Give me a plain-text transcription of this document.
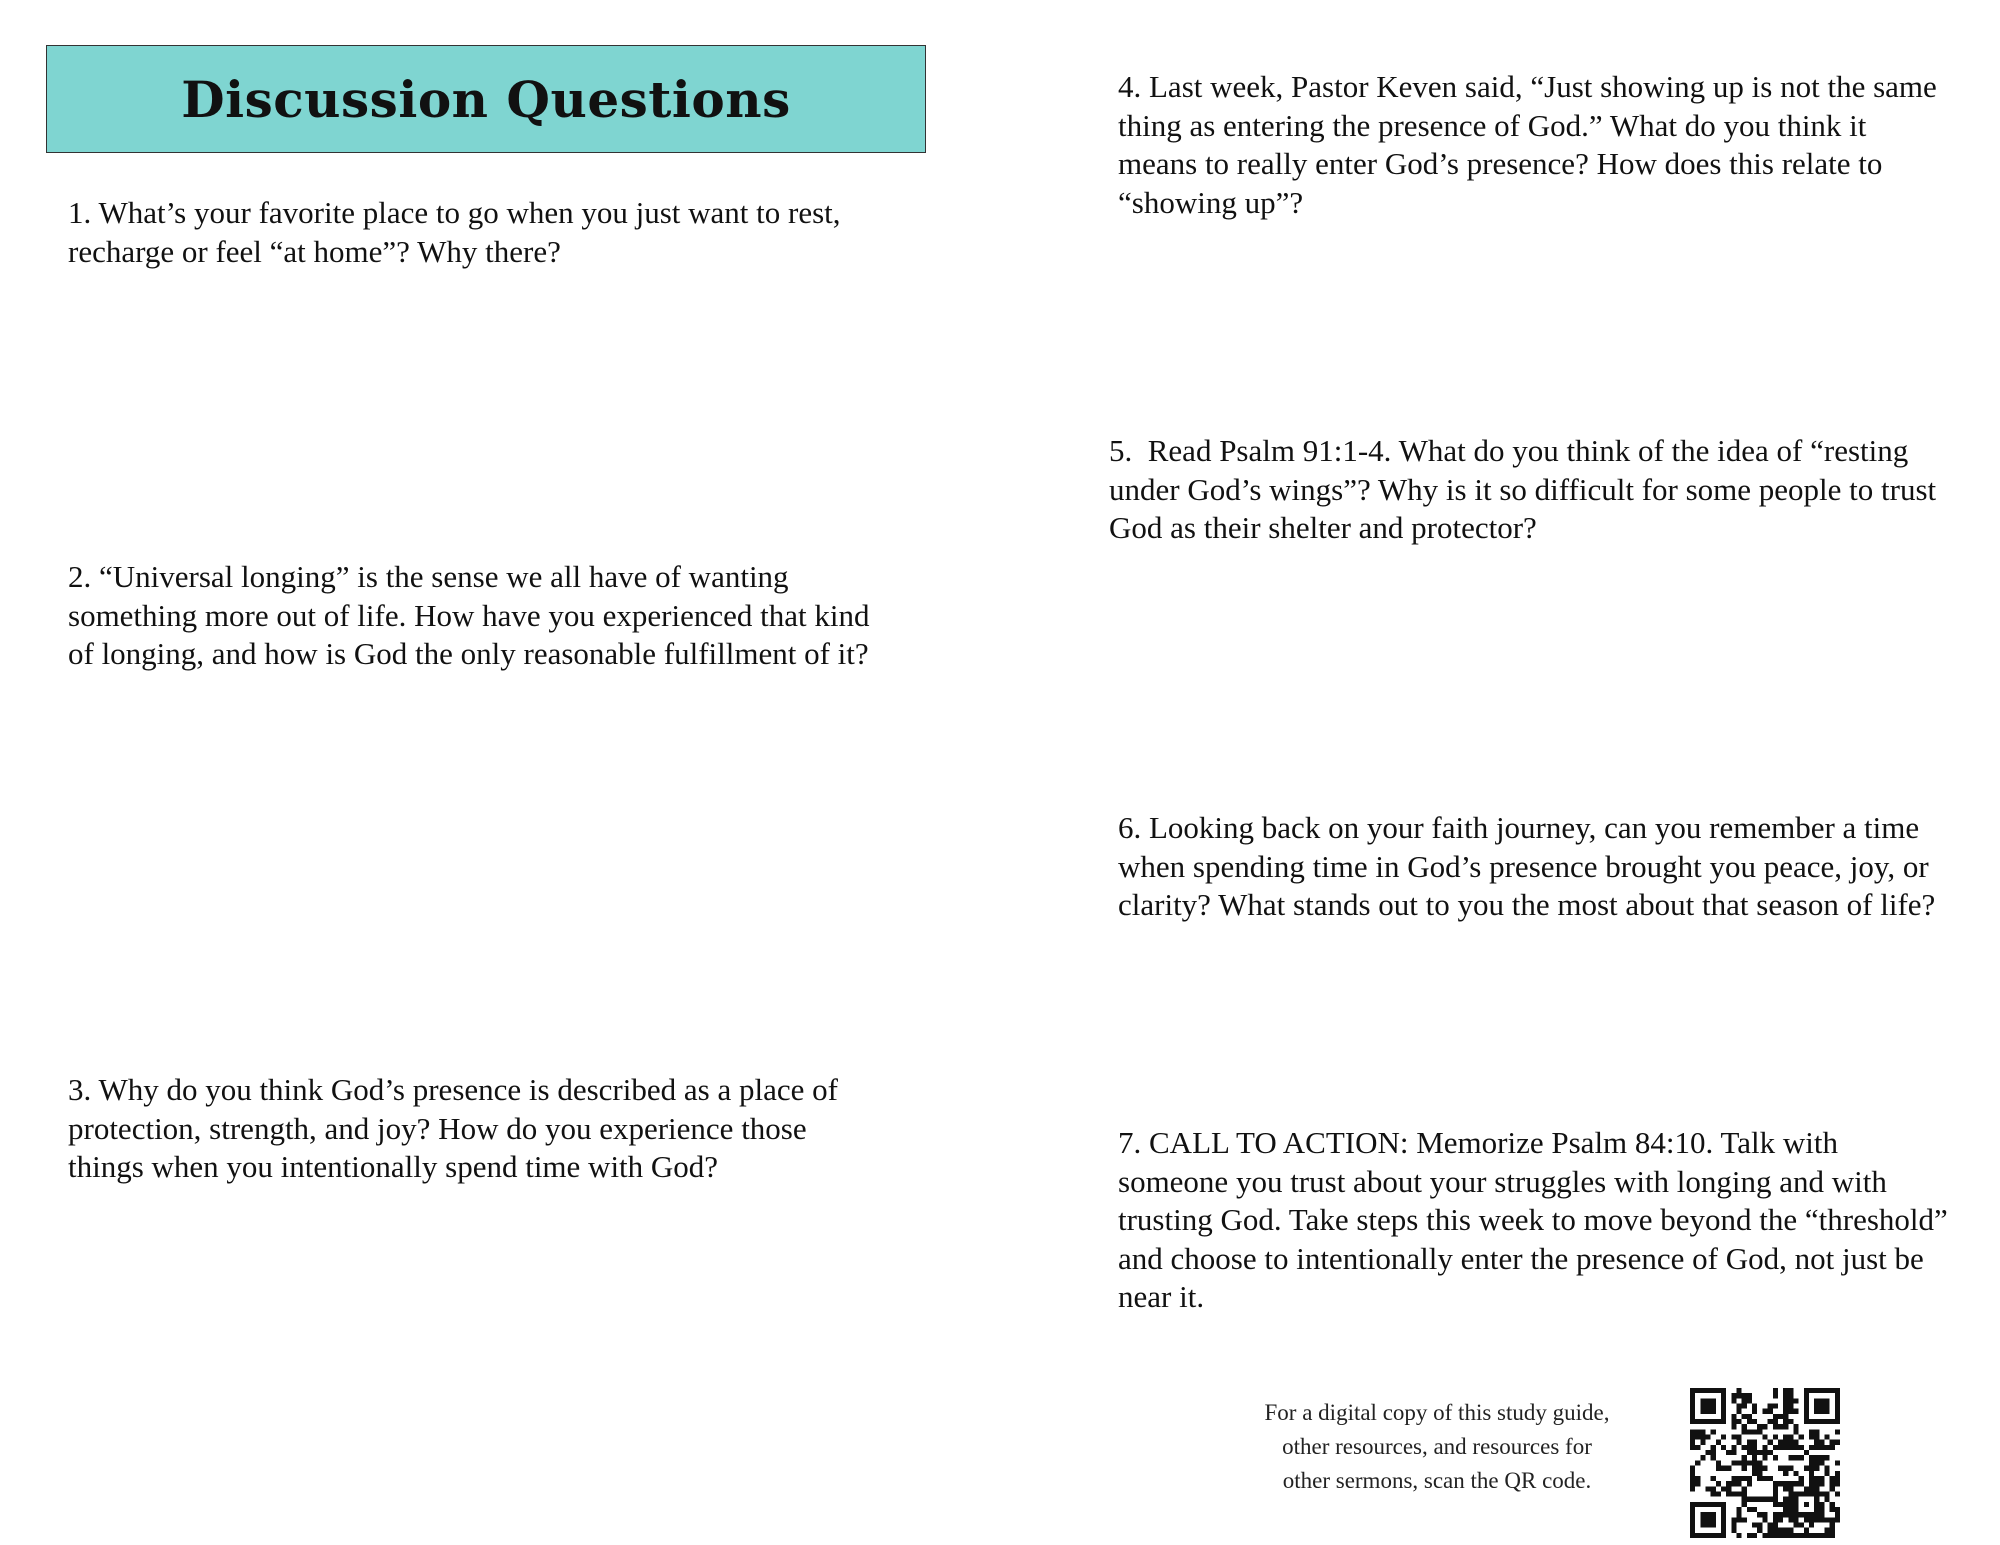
Discussion Questions

1. What’s your favorite place to go when you just want to rest, recharge or feel “at home”? Why there?

2. “Universal longing” is the sense we all have of wanting something more out of life. How have you experienced that kind of longing, and how is God the only reasonable fulfillment of it?

3. Why do you think God’s presence is described as a place of protection, strength, and joy? How do you experience those things when you intentionally spend time with God?

4. Last week, Pastor Keven said, “Just showing up is not the same thing as entering the presence of God.” What do you think it means to really enter God’s presence? How does this relate to “showing up”?

5.  Read Psalm 91:1-4. What do you think of the idea of “resting under God’s wings”? Why is it so difficult for some people to trust God as their shelter and protector?

6. Looking back on your faith journey, can you remember a time when spending time in God’s presence brought you peace, joy, or clarity? What stands out to you the most about that season of life?

7. CALL TO ACTION: Memorize Psalm 84:10. Talk with someone you trust about your struggles with longing and with trusting God. Take steps this week to move beyond the “threshold” and choose to intentionally enter the presence of God, not just be near it.

For a digital copy of this study guide,
other resources, and resources for
other sermons, scan the QR code.
